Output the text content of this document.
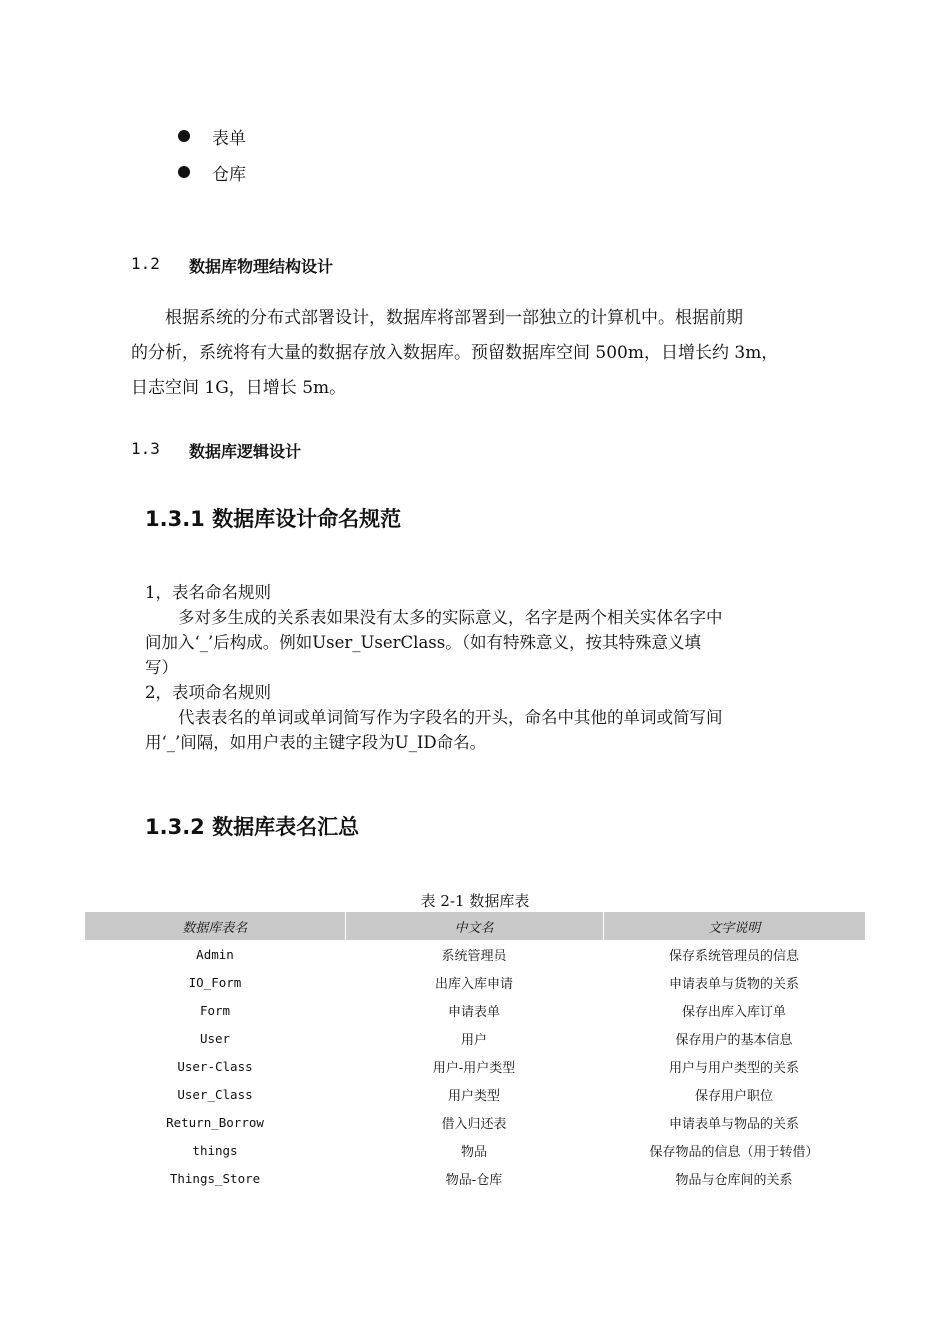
表单
仓库
1.2	数据库物理结构设计
根据系统的分布式部署设计，数据库将部署到一部独立的计算机中。根据前期
的分析，系统将有大量的数据存放入数据库。预留数据库空间 500m，日增长约 3m，
日志空间 1G，日增长 5m。
1.3	数据库逻辑设计
1.3.1 数据库设计命名规范
1，表名命名规则
　　多对多生成的关系表如果没有太多的实际意义，名字是两个相关实体名字中
间加入‘_’后构成。例如User_UserClass。（如有特殊意义，按其特殊意义填
写）
2，表项命名规则
　　代表表名的单词或单词简写作为字段名的开头，命名中其他的单词或简写间
用‘_’间隔，如用户表的主键字段为U_ID命名。
1.3.2 数据库表名汇总
表 2-1 数据库表
数据库表名	中文名	文字说明
Admin	系统管理员	保存系统管理员的信息
IO_Form	出库入库申请	申请表单与货物的关系
Form	申请表单	保存出库入库订单
User	用户	保存用户的基本信息
User-Class	用户-用户类型	用户与用户类型的关系
User_Class	用户类型	保存用户职位
Return_Borrow	借入归还表	申请表单与物品的关系
things	物品	保存物品的信息（用于转借）
Things_Store	物品-仓库	物品与仓库间的关系
